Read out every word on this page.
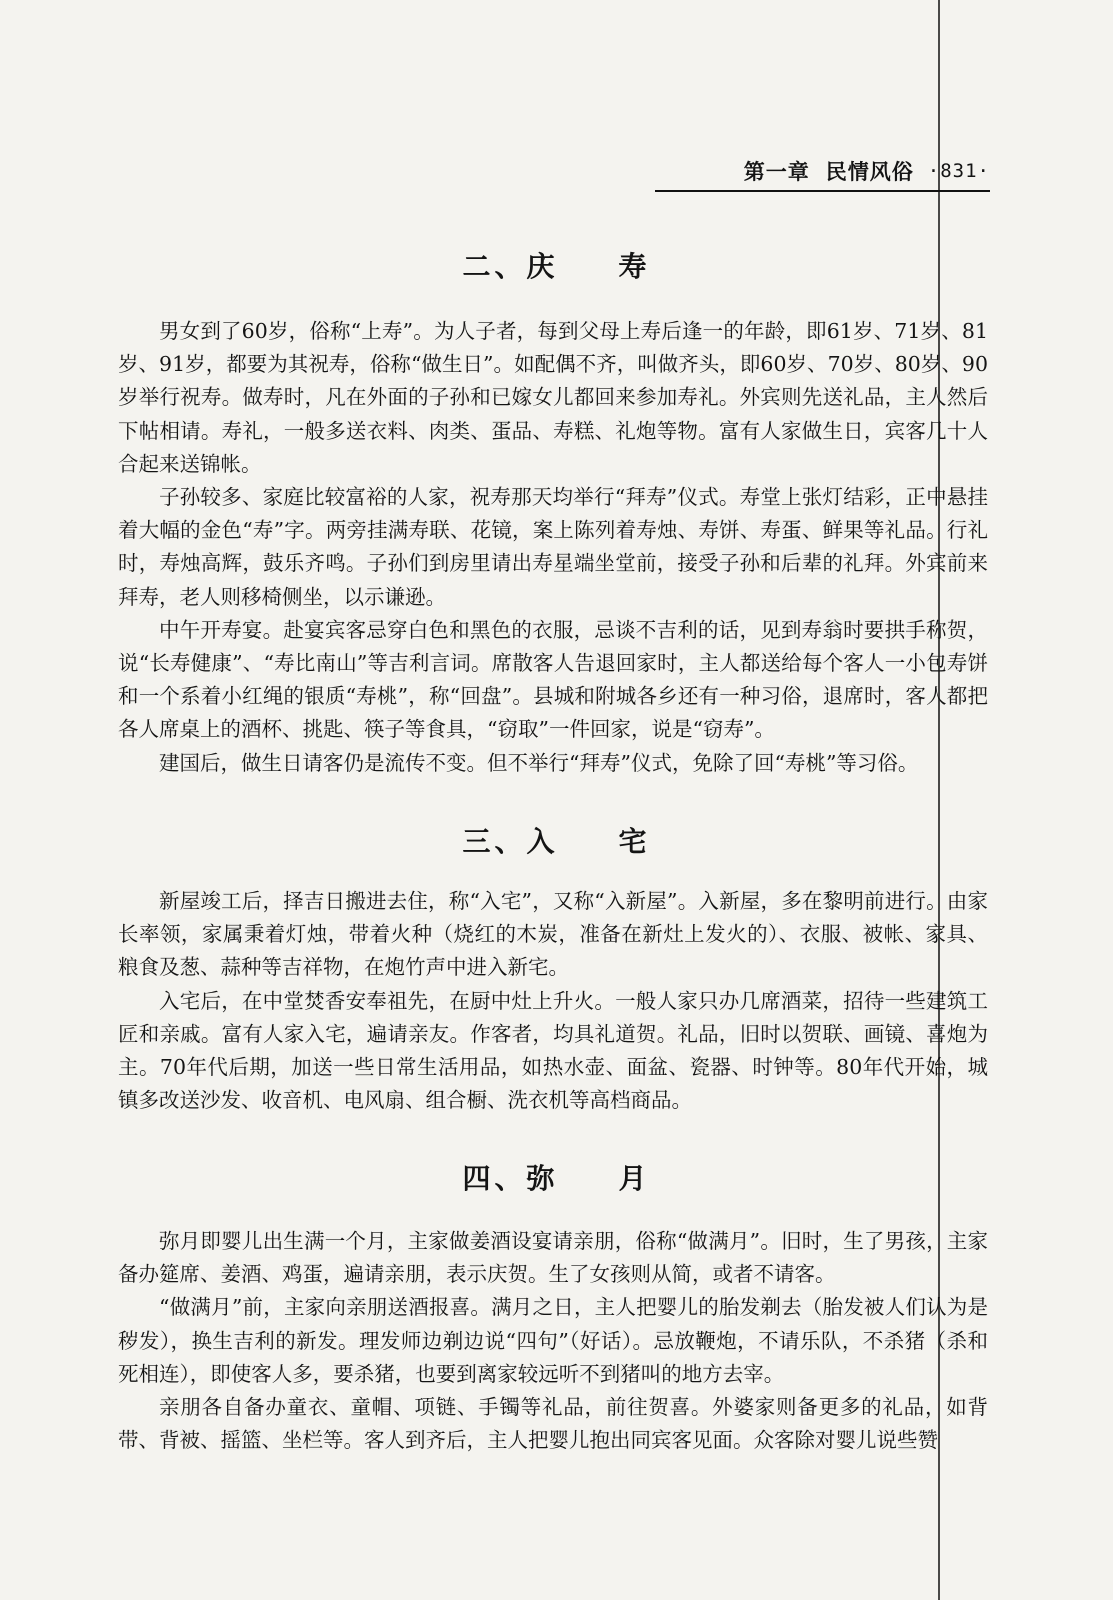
第一章 民情风俗 ·831·
二、庆 寿

男女到了60岁，俗称“上寿”。为人子者，每到父母上寿后逢一的年龄，即61岁、71岁、81岁、91岁，都要为其祝寿，俗称“做生日”。如配偶不齐，叫做齐头，即60岁、70岁、80岁、90岁举行祝寿。做寿时，凡在外面的子孙和已嫁女儿都回来参加寿礼。外宾则先送礼品，主人然后下帖相请。寿礼，一般多送衣料、肉类、蛋品、寿糕、礼炮等物。富有人家做生日，宾客几十人合起来送锦帐。

子孙较多、家庭比较富裕的人家，祝寿那天均举行“拜寿”仪式。寿堂上张灯结彩，正中悬挂着大幅的金色“寿”字。两旁挂满寿联、花镜，案上陈列着寿烛、寿饼、寿蛋、鲜果等礼品。行礼时，寿烛高辉，鼓乐齐鸣。子孙们到房里请出寿星端坐堂前，接受子孙和后辈的礼拜。外宾前来拜寿，老人则移椅侧坐，以示谦逊。

中午开寿宴。赴宴宾客忌穿白色和黑色的衣服，忌谈不吉利的话，见到寿翁时要拱手称贺，说“长寿健康”、“寿比南山”等吉利言词。席散客人告退回家时，主人都送给每个客人一小包寿饼和一个系着小红绳的银质“寿桃”，称“回盘”。县城和附城各乡还有一种习俗，退席时，客人都把各人席桌上的酒杯、挑匙、筷子等食具，“窃取”一件回家，说是“窃寿”。

建国后，做生日请客仍是流传不变。但不举行“拜寿”仪式，免除了回“寿桃”等习俗。

三、入 宅

新屋竣工后，择吉日搬进去住，称“入宅”，又称“入新屋”。入新屋，多在黎明前进行。由家长率领，家属秉着灯烛，带着火种（烧红的木炭，准备在新灶上发火的）、衣服、被帐、家具、粮食及葱、蒜种等吉祥物，在炮竹声中进入新宅。

入宅后，在中堂焚香安奉祖先，在厨中灶上升火。一般人家只办几席酒菜，招待一些建筑工匠和亲戚。富有人家入宅，遍请亲友。作客者，均具礼道贺。礼品，旧时以贺联、画镜、喜炮为主。70年代后期，加送一些日常生活用品，如热水壶、面盆、瓷器、时钟等。80年代开始，城镇多改送沙发、收音机、电风扇、组合橱、洗衣机等高档商品。

四、弥 月

弥月即婴儿出生满一个月，主家做姜酒设宴请亲朋，俗称“做满月”。旧时，生了男孩，主家备办筵席、姜酒、鸡蛋，遍请亲朋，表示庆贺。生了女孩则从简，或者不请客。

“做满月”前，主家向亲朋送酒报喜。满月之日，主人把婴儿的胎发剃去（胎发被人们认为是秽发），换生吉利的新发。理发师边剃边说“四句”（好话）。忌放鞭炮，不请乐队，不杀猪（杀和死相连），即使客人多，要杀猪，也要到离家较远听不到猪叫的地方去宰。

亲朋各自备办童衣、童帽、项链、手镯等礼品，前往贺喜。外婆家则备更多的礼品，如背带、背被、摇篮、坐栏等。客人到齐后，主人把婴儿抱出同宾客见面。众客除对婴儿说些赞
